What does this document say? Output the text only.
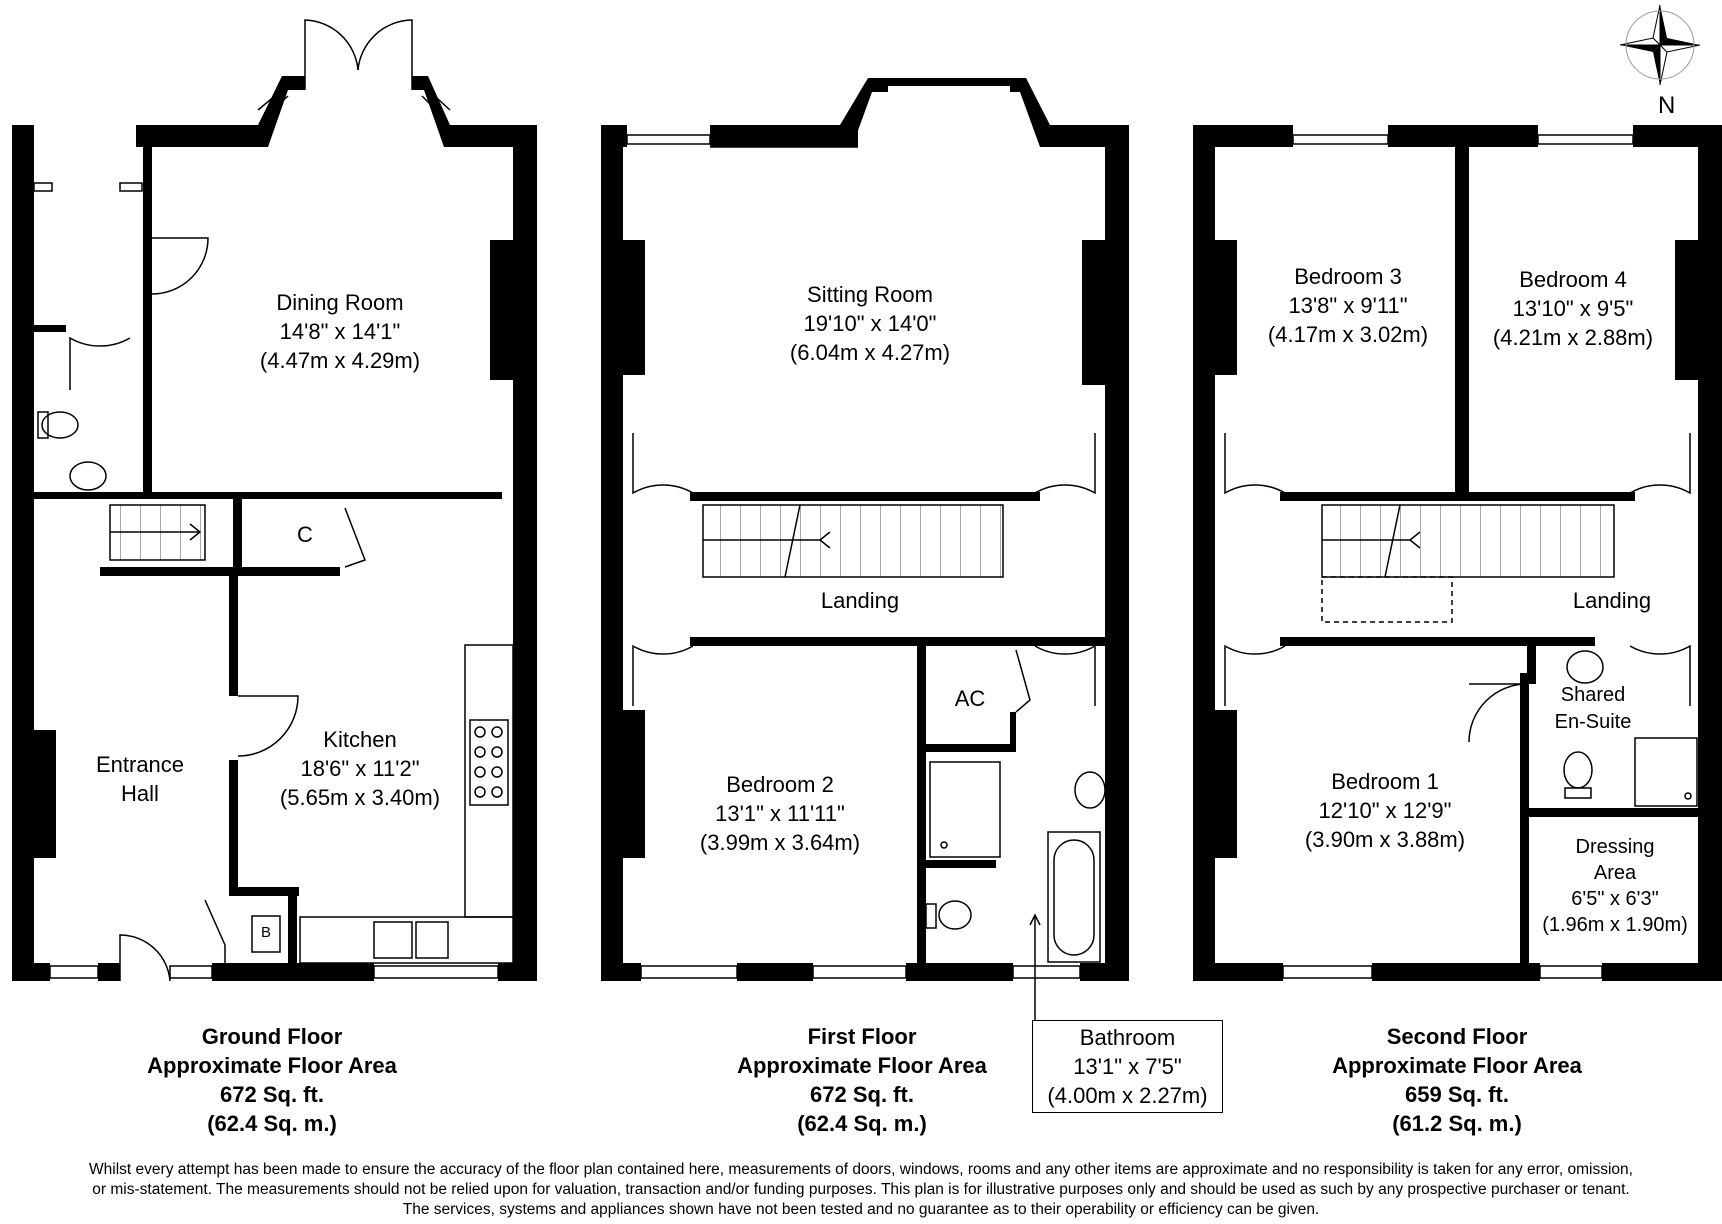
Dining Room
14'8" x 14'1"
(4.47m x 4.29m)
Kitchen
18'6" x 11'2"
(5.65m x 3.40m)
Entrance
Hall
C
B
Ground Floor
Approximate Floor Area
672 Sq. ft.
(62.4 Sq. m.)
Sitting Room
19'10" x 14'0"
(6.04m x 4.27m)
Landing
Bedroom 2
13'1" x 11'11"
(3.99m x 3.64m)
AC
Bathroom
13'1" x 7'5"
(4.00m x 2.27m)
First Floor
Approximate Floor Area
672 Sq. ft.
(62.4 Sq. m.)
Bedroom 3
13'8" x 9'11"
(4.17m x 3.02m)
Bedroom 4
13'10" x 9'5"
(4.21m x 2.88m)
Landing
Shared
En-Suite
Bedroom 1
12'10" x 12'9"
(3.90m x 3.88m)	Dressing
Area
6'5" x 6'3"
(1.96m x 1.90m)
Second Floor
Approximate Floor Area
659 Sq. ft.
(61.2 Sq. m.)
N
Whilst every attempt has been made to ensure the accuracy of the floor plan contained here, measurements of doors, windows, rooms and any other items are approximate and no responsibility is taken for any error, omission,
or mis-statement. The measurements should not be relied upon for valuation, transaction and/or funding purposes. This plan is for illustrative purposes only and should be used as such by any prospective purchaser or tenant.
The services, systems and appliances shown have not been tested and no guarantee as to their operability or efficiency can be given.
